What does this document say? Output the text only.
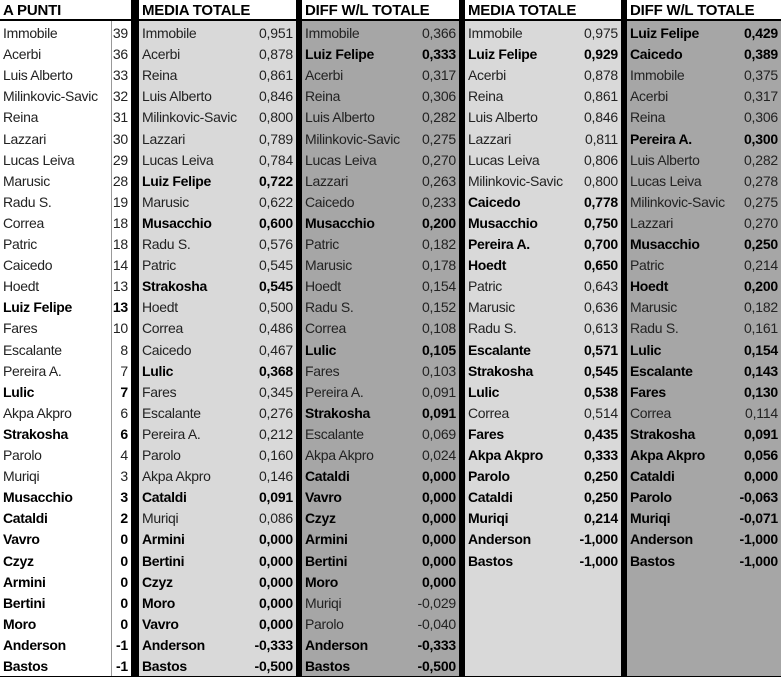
A PUNTI
Immobile	39
Acerbi	36
Luis Alberto	33
Milinkovic-Savic 32
Reina	31
Lazzari	30
Lucas Leiva	29
Marusic	28
Radu S.	19
Correa	18
Patric	18
Caicedo	14
Hoedt	13
Luiz Felipe	13
Fares	10
Escalante	8
Pereira A.	7
Lulic	7
Akpa Akpro	6
Strakosha	6
Parolo	4
Muriqi	3
Musacchio	3
Cataldi	2
Vavro	0
Czyz	0
Armini	0
Bertini	0
Moro	0
Anderson	-1
Bastos	-1
MEDIA TOTALE
Immobile	0,951
Acerbi	0,878
Reina	0,861
Luis Alberto	0,846
Milinkovic-Savic	0,800
Lazzari	0,789
Lucas Leiva	0,784
Luiz Felipe	0,722
Marusic	0,622
Musacchio	0,600
Radu S.	0,576
Patric	0,545
Strakosha	0,545
Hoedt	0,500
Correa	0,486
Caicedo	0,467
Lulic	0,368
Fares	0,345
Escalante	0,276
Pereira A.	0,212
Parolo	0,160
Akpa Akpro	0,146
Cataldi	0,091
Muriqi	0,086
Armini	0,000
Bertini	0,000
Czyz	0,000
Moro	0,000
Vavro	0,000
Anderson	-0,333
Bastos	-0,500
DIFF W/L TOTALE
Immobile	0,366
Luiz Felipe	0,333
Acerbi	0,317
Reina	0,306
Luis Alberto	0,282
Milinkovic-Savic	0,275
Lucas Leiva	0,270
Lazzari	0,263
Caicedo	0,233
Musacchio	0,200
Patric	0,182
Marusic	0,178
Hoedt	0,154
Radu S.	0,152
Correa	0,108
Lulic	0,105
Fares	0,103
Pereira A.	0,091
Strakosha	0,091
Escalante	0,069
Akpa Akpro	0,024
Cataldi	0,000
Vavro	0,000
Czyz	0,000
Armini	0,000
Bertini	0,000
Moro	0,000
Muriqi	-0,029
Parolo	-0,040
Anderson	-0,333
Bastos	-0,500
MEDIA TOTALE
Immobile	0,975
Luiz Felipe	0,929
Acerbi	0,878
Reina	0,861
Luis Alberto	0,846
Lazzari	0,811
Lucas Leiva	0,806
Milinkovic-Savic	0,800
Caicedo	0,778
Musacchio	0,750
Pereira A.	0,700
Hoedt	0,650
Patric	0,643
Marusic	0,636
Radu S.	0,613
Escalante	0,571
Strakosha	0,545
Lulic	0,538
Correa	0,514
Fares	0,435
Akpa Akpro	0,333
Parolo	0,250
Cataldi	0,250
Muriqi	0,214
Anderson	-1,000
Bastos	-1,000
DIFF W/L TOTALE
Luiz Felipe	0,429
Caicedo	0,389
Immobile	0,375
Acerbi	0,317
Reina	0,306
Pereira A.	0,300
Luis Alberto	0,282
Lucas Leiva	0,278
Milinkovic-Savic	0,275
Lazzari	0,270
Musacchio	0,250
Patric	0,214
Hoedt	0,200
Marusic	0,182
Radu S.	0,161
Lulic	0,154
Escalante	0,143
Fares	0,130
Correa	0,114
Strakosha	0,091
Akpa Akpro	0,056
Cataldi	0,000
Parolo	-0,063
Muriqi	-0,071
Anderson	-1,000
Bastos	-1,000
